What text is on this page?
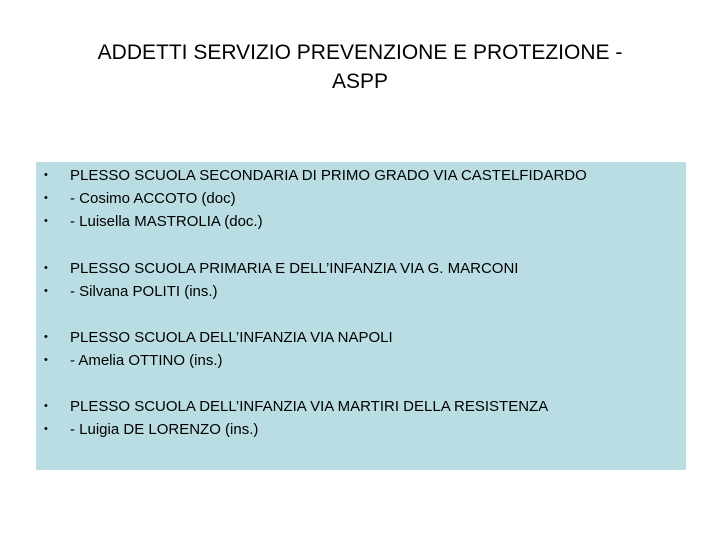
ADDETTI SERVIZIO PREVENZIONE E PROTEZIONE -
ASPP
• PLESSO SCUOLA SECONDARIA DI PRIMO GRADO VIA CASTELFIDARDO
• - Cosimo ACCOTO (doc)
• - Luisella MASTROLIA (doc.)
• PLESSO SCUOLA PRIMARIA E DELL’INFANZIA VIA G. MARCONI
• - Silvana POLITI (ins.)
• PLESSO SCUOLA DELL’INFANZIA VIA NAPOLI
• - Amelia OTTINO (ins.)
• PLESSO SCUOLA DELL’INFANZIA VIA MARTIRI DELLA RESISTENZA
• - Luigia DE LORENZO (ins.)
